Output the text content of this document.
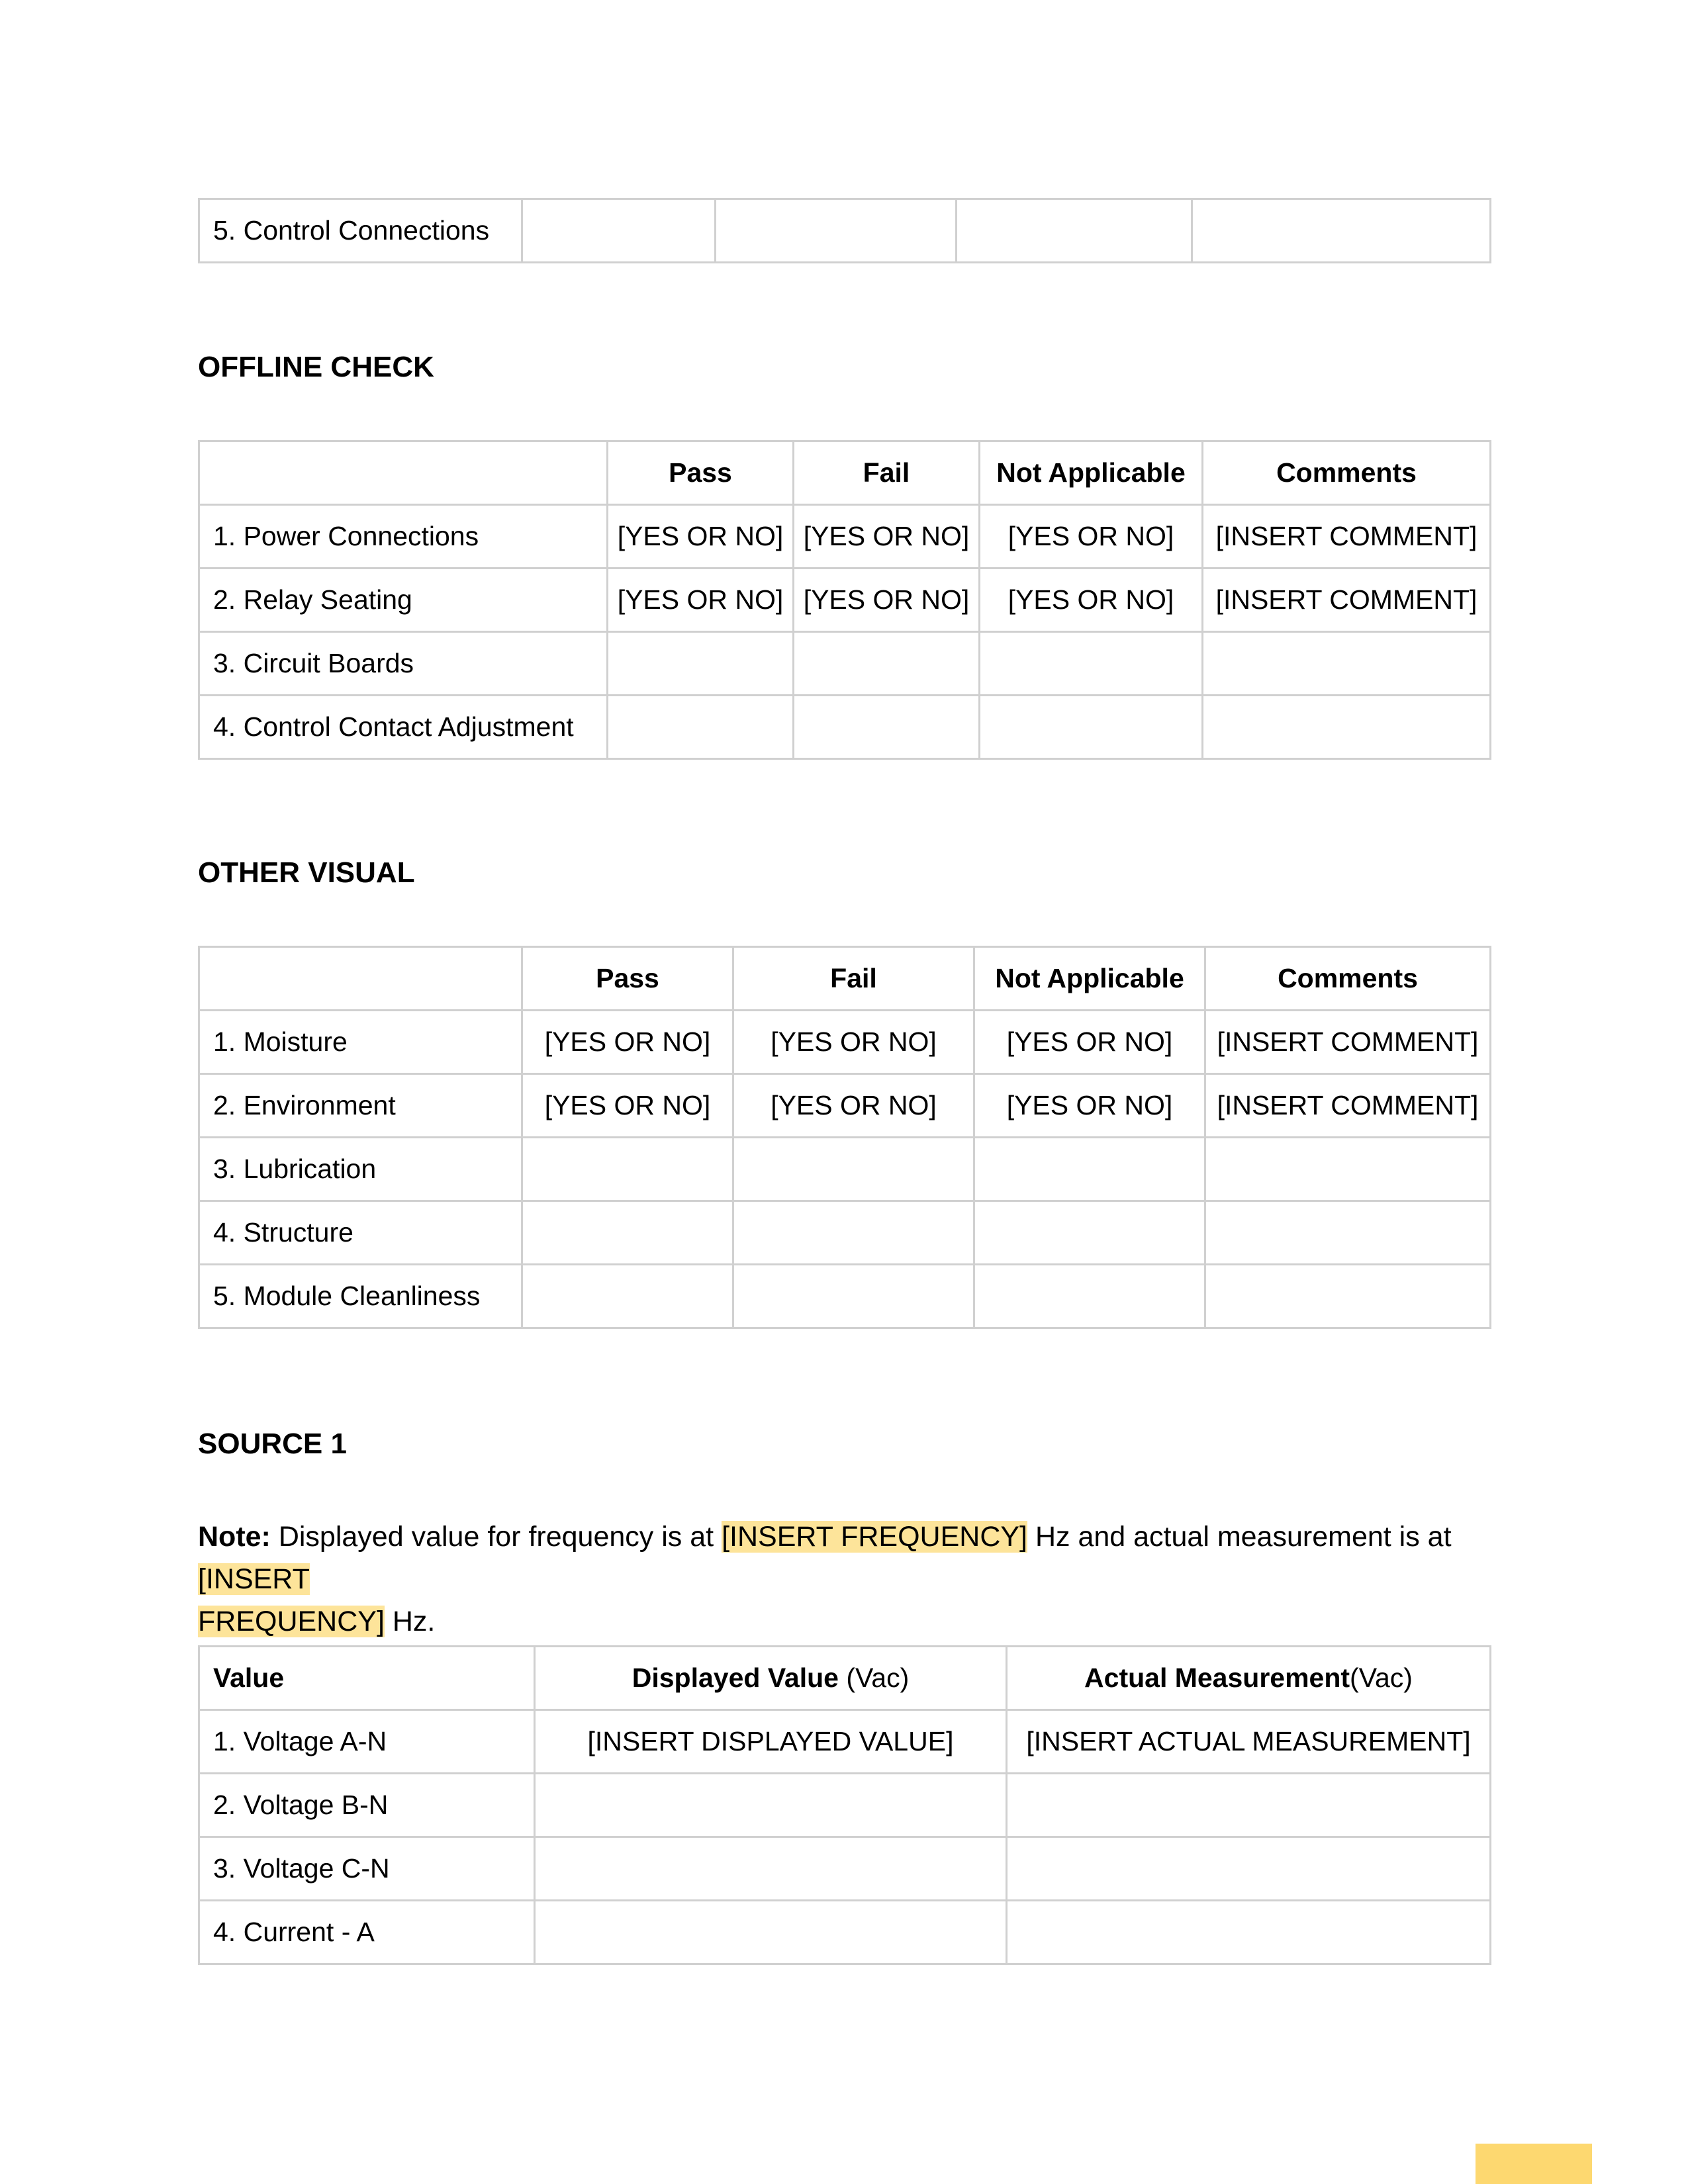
5. Control Connections				
OFFLINE CHECK
	Pass	Fail	Not Applicable	Comments
1. Power Connections	[YES OR NO]	[YES OR NO]	[YES OR NO]	[INSERT COMMENT]
2. Relay Seating	[YES OR NO]	[YES OR NO]	[YES OR NO]	[INSERT COMMENT]
3. Circuit Boards				
4. Control Contact Adjustment				
OTHER VISUAL
	Pass	Fail	Not Applicable	Comments
1. Moisture	[YES OR NO]	[YES OR NO]	[YES OR NO]	[INSERT COMMENT]
2. Environment	[YES OR NO]	[YES OR NO]	[YES OR NO]	[INSERT COMMENT]
3. Lubrication				
4. Structure				
5. Module Cleanliness				
SOURCE 1

Note: Displayed value for frequency is at [INSERT FREQUENCY] Hz and actual measurement is at [INSERT
FREQUENCY] Hz.

Value	Displayed Value (Vac)	Actual Measurement(Vac)
1. Voltage A-N	[INSERT DISPLAYED VALUE]	[INSERT ACTUAL MEASUREMENT]
2. Voltage B-N		
3. Voltage C-N		
4. Current - A		
